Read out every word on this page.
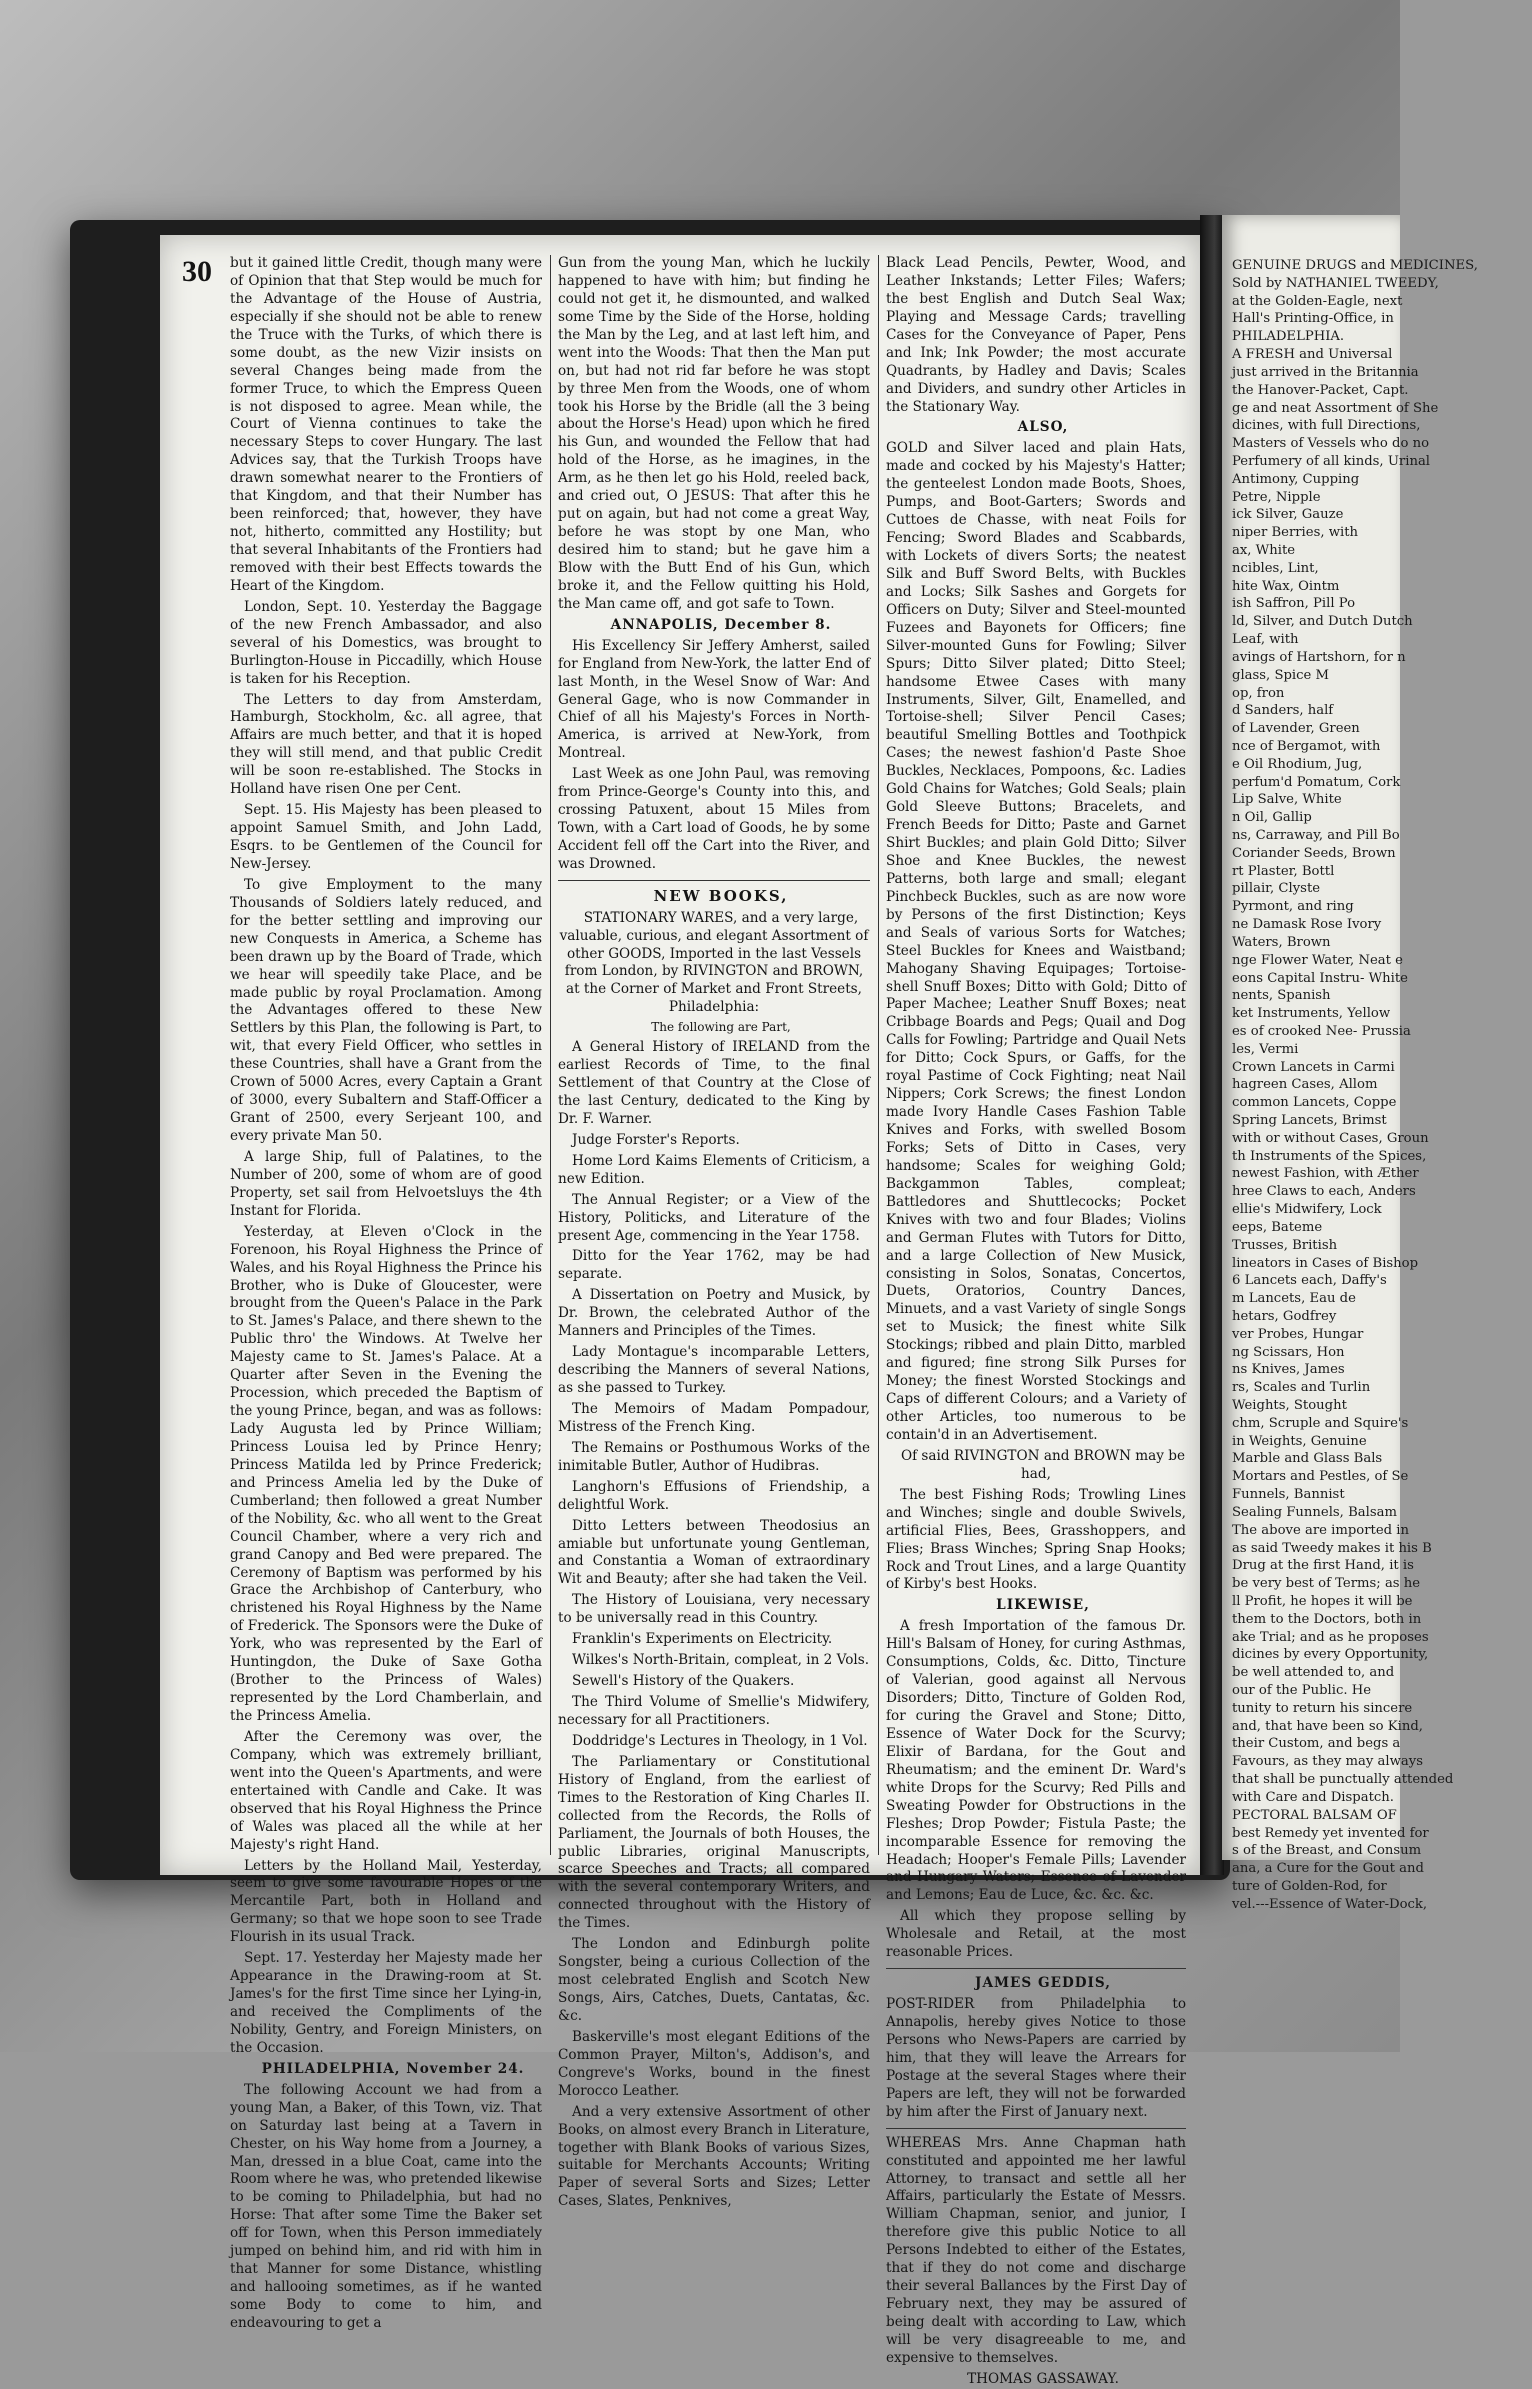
30 but it gained little Credit, though many were of Opinion that that Step would be much for the Advantage of the House of Austria, especially if she should not be able to renew the Truce with the Turks, of which there is some doubt, as the new Vizir insists on several Changes being made from the former Truce, to which the Empress Queen is not disposed to agree. Mean while, the Court of Vienna continues to take the necessary Steps to cover Hungary. The last Advices say, that the Turkish Troops have drawn somewhat nearer to the Frontiers of that Kingdom, and that their Number has been reinforced; that, however, they have not, hitherto, committed any Hostility; but that several Inhabitants of the Frontiers had removed with their best Effects towards the Heart of the Kingdom.

London, Sept. 10. Yesterday the Baggage of the new French Ambassador, and also several of his Domestics, was brought to Burlington-House in Piccadilly, which House is taken for his Reception.

The Letters to day from Amsterdam, Hamburgh, Stockholm, &c. all agree, that Affairs are much better, and that it is hoped they will still mend, and that public Credit will be soon re-established. The Stocks in Holland have risen One per Cent.

Sept. 15. His Majesty has been pleased to appoint Samuel Smith, and John Ladd, Esqrs. to be Gentlemen of the Council for New-Jersey.

To give Employment to the many Thousands of Soldiers lately reduced, and for the better settling and improving our new Conquests in America, a Scheme has been drawn up by the Board of Trade, which we hear will speedily take Place, and be made public by royal Proclamation. Among the Advantages offered to these New Settlers by this Plan, the following is Part, to wit, that every Field Officer, who settles in these Countries, shall have a Grant from the Crown of 5000 Acres, every Captain a Grant of 3000, every Subaltern and Staff-Officer a Grant of 2500, every Serjeant 100, and every private Man 50.

A large Ship, full of Palatines, to the Number of 200, some of whom are of good Property, set sail from Helvoetsluys the 4th Instant for Florida.

Yesterday, at Eleven o'Clock in the Forenoon, his Royal Highness the Prince of Wales, and his Royal Highness the Prince his Brother, who is Duke of Gloucester, were brought from the Queen's Palace in the Park to St. James's Palace, and there shewn to the Public thro' the Windows. At Twelve her Majesty came to St. James's Palace. At a Quarter after Seven in the Evening the Procession, which preceded the Baptism of the young Prince, began, and was as follows: Lady Augusta led by Prince William; Princess Louisa led by Prince Henry; Princess Matilda led by Prince Frederick; and Princess Amelia led by the Duke of Cumberland; then followed a great Number of the Nobility, &c. who all went to the Great Council Chamber, where a very rich and grand Canopy and Bed were prepared. The Ceremony of Baptism was performed by his Grace the Archbishop of Canterbury, who christened his Royal Highness by the Name of Frederick. The Sponsors were the Duke of York, who was represented by the Earl of Huntingdon, the Duke of Saxe Gotha (Brother to the Princess of Wales) represented by the Lord Chamberlain, and the Princess Amelia.

After the Ceremony was over, the Company, which was extremely brilliant, went into the Queen's Apartments, and were entertained with Candle and Cake. It was observed that his Royal Highness the Prince of Wales was placed all the while at her Majesty's right Hand.

Letters by the Holland Mail, Yesterday, seem to give some favourable Hopes of the Mercantile Part, both in Holland and Germany; so that we hope soon to see Trade Flourish in its usual Track.

Sept. 17. Yesterday her Majesty made her Appearance in the Drawing-room at St. James's for the first Time since her Lying-in, and received the Compliments of the Nobility, Gentry, and Foreign Ministers, on the Occasion.

PHILADELPHIA, November 24.

The following Account we had from a young Man, a Baker, of this Town, viz. That on Saturday last being at a Tavern in Chester, on his Way home from a Journey, a Man, dressed in a blue Coat, came into the Room where he was, who pretended likewise to be coming to Philadelphia, but had no Horse: That after some Time the Baker set off for Town, when this Person immediately jumped on behind him, and rid with him in that Manner for some Distance, whistling and hallooing sometimes, as if he wanted some Body to come to him, and endeavouring to get a

Gun from the young Man, which he luckily happened to have with him; but finding he could not get it, he dismounted, and walked some Time by the Side of the Horse, holding the Man by the Leg, and at last left him, and went into the Woods: That then the Man put on, but had not rid far before he was stopt by three Men from the Woods, one of whom took his Horse by the Bridle (all the 3 being about the Horse's Head) upon which he fired his Gun, and wounded the Fellow that had hold of the Horse, as he imagines, in the Arm, as he then let go his Hold, reeled back, and cried out, O JESUS: That after this he put on again, but had not come a great Way, before he was stopt by one Man, who desired him to stand; but he gave him a Blow with the Butt End of his Gun, which broke it, and the Fellow quitting his Hold, the Man came off, and got safe to Town.

ANNAPOLIS, December 8.

His Excellency Sir Jeffery Amherst, sailed for England from New-York, the latter End of last Month, in the Wesel Snow of War: And General Gage, who is now Commander in Chief of all his Majesty's Forces in North-America, is arrived at New-York, from Montreal.

Last Week as one John Paul, was removing from Prince-George's County into this, and crossing Patuxent, about 15 Miles from Town, with a Cart load of Goods, he by some Accident fell off the Cart into the River, and was Drowned.

NEW BOOKS,

STATIONARY WARES, and a very large, valuable, curious, and elegant Assortment of other GOODS, Imported in the last Vessels from London, by RIVINGTON and BROWN, at the Corner of Market and Front Streets, Philadelphia:

The following are Part,

A General History of IRELAND from the earliest Records of Time, to the final Settlement of that Country at the Close of the last Century, dedicated to the King by Dr. F. Warner.

Judge Forster's Reports.

Home Lord Kaims Elements of Criticism, a new Edition.

The Annual Register; or a View of the History, Politicks, and Literature of the present Age, commencing in the Year 1758.

Ditto for the Year 1762, may be had separate.

A Dissertation on Poetry and Musick, by Dr. Brown, the celebrated Author of the Manners and Principles of the Times.

Lady Montague's incomparable Letters, describing the Manners of several Nations, as she passed to Turkey.

The Memoirs of Madam Pompadour, Mistress of the French King.

The Remains or Posthumous Works of the inimitable Butler, Author of Hudibras.

Langhorn's Effusions of Friendship, a delightful Work.

Ditto Letters between Theodosius an amiable but unfortunate young Gentleman, and Constantia a Woman of extraordinary Wit and Beauty; after she had taken the Veil.

The History of Louisiana, very necessary to be universally read in this Country.

Franklin's Experiments on Electricity.

Wilkes's North-Britain, compleat, in 2 Vols.

Sewell's History of the Quakers.

The Third Volume of Smellie's Midwifery, necessary for all Practitioners.

Doddridge's Lectures in Theology, in 1 Vol.

The Parliamentary or Constitutional History of England, from the earliest of Times to the Restoration of King Charles II. collected from the Records, the Rolls of Parliament, the Journals of both Houses, the public Libraries, original Manuscripts, scarce Speeches and Tracts; all compared with the several contemporary Writers, and connected throughout with the History of the Times.

The London and Edinburgh polite Songster, being a curious Collection of the most celebrated English and Scotch New Songs, Airs, Catches, Duets, Cantatas, &c. &c.

Baskerville's most elegant Editions of the Common Prayer, Milton's, Addison's, and Congreve's Works, bound in the finest Morocco Leather.

And a very extensive Assortment of other Books, on almost every Branch in Literature, together with Blank Books of various Sizes, suitable for Merchants Accounts; Writing Paper of several Sorts and Sizes; Letter Cases, Slates, Penknives,

Black Lead Pencils, Pewter, Wood, and Leather Inkstands; Letter Files; Wafers; the best English and Dutch Seal Wax; Playing and Message Cards; travelling Cases for the Conveyance of Paper, Pens and Ink; Ink Powder; the most accurate Quadrants, by Hadley and Davis; Scales and Dividers, and sundry other Articles in the Stationary Way.

ALSO,

GOLD and Silver laced and plain Hats, made and cocked by his Majesty's Hatter; the genteelest London made Boots, Shoes, Pumps, and Boot-Garters; Swords and Cuttoes de Chasse, with neat Foils for Fencing; Sword Blades and Scabbards, with Lockets of divers Sorts; the neatest Silk and Buff Sword Belts, with Buckles and Locks; Silk Sashes and Gorgets for Officers on Duty; Silver and Steel-mounted Fuzees and Bayonets for Officers; fine Silver-mounted Guns for Fowling; Silver Spurs; Ditto Silver plated; Ditto Steel; handsome Etwee Cases with many Instruments, Silver, Gilt, Enamelled, and Tortoise-shell; Silver Pencil Cases; beautiful Smelling Bottles and Toothpick Cases; the newest fashion'd Paste Shoe Buckles, Necklaces, Pompoons, &c. Ladies Gold Chains for Watches; Gold Seals; plain Gold Sleeve Buttons; Bracelets, and French Beeds for Ditto; Paste and Garnet Shirt Buckles; and plain Gold Ditto; Silver Shoe and Knee Buckles, the newest Patterns, both large and small; elegant Pinchbeck Buckles, such as are now wore by Persons of the first Distinction; Keys and Seals of various Sorts for Watches; Steel Buckles for Knees and Waistband; Mahogany Shaving Equipages; Tortoise-shell Snuff Boxes; Ditto with Gold; Ditto of Paper Machee; Leather Snuff Boxes; neat Cribbage Boards and Pegs; Quail and Dog Calls for Fowling; Partridge and Quail Nets for Ditto; Cock Spurs, or Gaffs, for the royal Pastime of Cock Fighting; neat Nail Nippers; Cork Screws; the finest London made Ivory Handle Cases Fashion Table Knives and Forks, with swelled Bosom Forks; Sets of Ditto in Cases, very handsome; Scales for weighing Gold; Backgammon Tables, compleat; Battledores and Shuttlecocks; Pocket Knives with two and four Blades; Violins and German Flutes with Tutors for Ditto, and a large Collection of New Musick, consisting in Solos, Sonatas, Concertos, Duets, Oratorios, Country Dances, Minuets, and a vast Variety of single Songs set to Musick; the finest white Silk Stockings; ribbed and plain Ditto, marbled and figured; fine strong Silk Purses for Money; the finest Worsted Stockings and Caps of different Colours; and a Variety of other Articles, too numerous to be contain'd in an Advertisement.

Of said RIVINGTON and BROWN may be had,

The best Fishing Rods; Trowling Lines and Winches; single and double Swivels, artificial Flies, Bees, Grasshoppers, and Flies; Brass Winches; Spring Snap Hooks; Rock and Trout Lines, and a large Quantity of Kirby's best Hooks.

LIKEWISE,

A fresh Importation of the famous Dr. Hill's Balsam of Honey, for curing Asthmas, Consumptions, Colds, &c. Ditto, Tincture of Valerian, good against all Nervous Disorders; Ditto, Tincture of Golden Rod, for curing the Gravel and Stone; Ditto, Essence of Water Dock for the Scurvy; Elixir of Bardana, for the Gout and Rheumatism; and the eminent Dr. Ward's white Drops for the Scurvy; Red Pills and Sweating Powder for Obstructions in the Fleshes; Drop Powder; Fistula Paste; the incomparable Essence for removing the Headach; Hooper's Female Pills; Lavender and Hungary Waters; Essence of Lavender and Lemons; Eau de Luce, &c. &c. &c.

All which they propose selling by Wholesale and Retail, at the most reasonable Prices.

JAMES GEDDIS,

POST-RIDER from Philadelphia to Annapolis, hereby gives Notice to those Persons who News-Papers are carried by him, that they will leave the Arrears for Postage at the several Stages where their Papers are left, they will not be forwarded by him after the First of January next.

WHEREAS Mrs. Anne Chapman hath constituted and appointed me her lawful Attorney, to transact and settle all her Affairs, particularly the Estate of Messrs. William Chapman, senior, and junior, I therefore give this public Notice to all Persons Indebted to either of the Estates, that if they do not come and discharge their several Ballances by the First Day of February next, they may be assured of being dealt with according to Law, which will be very disagreeable to me, and expensive to themselves.

THOMAS GASSAWAY.

GENUINE DRUGS and MEDICINES,
Sold by NATHANIEL TWEEDY,
at the Golden-Eagle, next
Hall's Printing-Office, in
PHILADELPHIA.
A FRESH and Universal
just arrived in the Britannia
the Hanover-Packet, Capt.
ge and neat Assortment of She
dicines, with full Directions,
Masters of Vessels who do no
Perfumery of all kinds, Urinal
Antimony, Cupping
Petre, Nipple
ick Silver, Gauze
niper Berries, with
ax, White
ncibles, Lint,
hite Wax, Ointm
ish Saffron, Pill Po
ld, Silver, and Dutch Dutch
Leaf, with
avings of Hartshorn, for n
glass, Spice M
op, fron
d Sanders, half
of Lavender, Green
nce of Bergamot, with
e Oil Rhodium, Jug,
perfum'd Pomatum, Cork
Lip Salve, White
n Oil, Gallip
ns, Carraway, and Pill Bo
Coriander Seeds, Brown
rt Plaster, Bottl
pillair, Clyste
Pyrmont, and ring
ne Damask Rose Ivory
Waters, Brown
nge Flower Water, Neat e
eons Capital Instru- White
nents, Spanish
ket Instruments, Yellow
es of crooked Nee- Prussia
les, Vermi
Crown Lancets in Carmi
hagreen Cases, Allom
common Lancets, Coppe
Spring Lancets, Brimst
with or without Cases, Groun
th Instruments of the Spices,
newest Fashion, with Æther
hree Claws to each, Anders
ellie's Midwifery, Lock
eeps, Bateme
Trusses, British
lineators in Cases of Bishop
6 Lancets each, Daffy's
m Lancets, Eau de
hetars, Godfrey
ver Probes, Hungar
ng Scissars, Hon
ns Knives, James
rs, Scales and Turlin
Weights, Stought
chm, Scruple and Squire's
in Weights, Genuine
Marble and Glass Bals
Mortars and Pestles, of Se
Funnels, Bannist
Sealing Funnels, Balsam
The above are imported in
as said Tweedy makes it his B
Drug at the first Hand, it is
be very best of Terms; as he
ll Profit, he hopes it will be
them to the Doctors, both in
ake Trial; and as he proposes
dicines by every Opportunity,
be well attended to, and
our of the Public. He
tunity to return his sincere
and, that have been so Kind,
their Custom, and begs a
Favours, as they may always
that shall be punctually attended
with Care and Dispatch.
PECTORAL BALSAM OF
best Remedy yet invented for
s of the Breast, and Consum
ana, a Cure for the Gout and
ture of Golden-Rod, for
vel.---Essence of Water-Dock,
